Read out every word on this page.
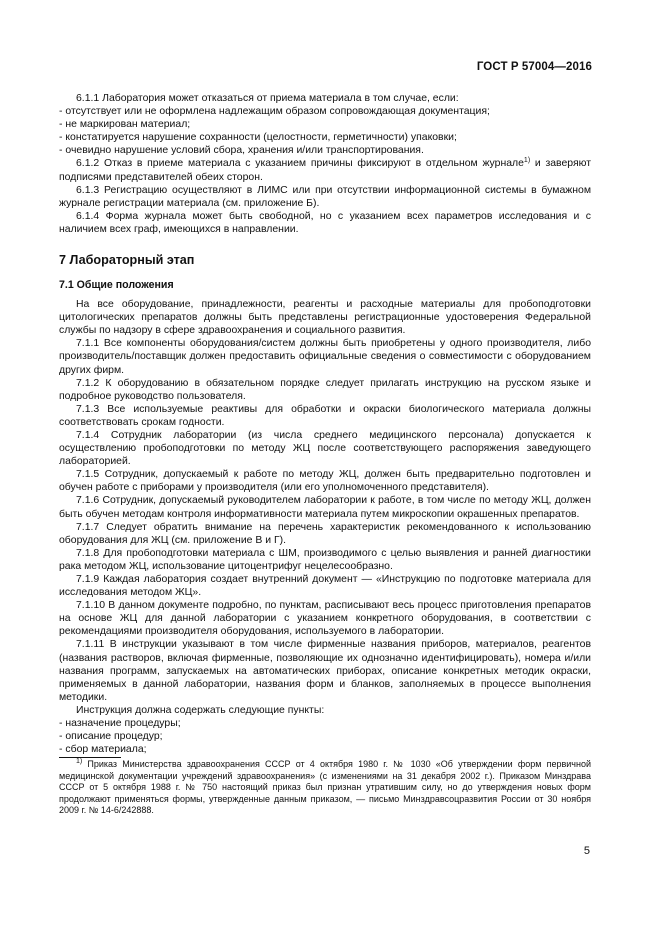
ГОСТ Р 57004—2016

6.1.1 Лаборатория может отказаться от приема материала в том случае, если:

- отсутствует или не оформлена надлежащим образом сопровождающая документация;

- не маркирован материал;

- констатируется нарушение сохранности (целостности, герметичности) упаковки;

- очевидно нарушение условий сбора, хранения и/или транспортирования.

6.1.2 Отказ в приеме материала с указанием причины фиксируют в отдельном журнале$^{1)}$ и заверяют подписями представителей обеих сторон.

6.1.3 Регистрацию осуществляют в ЛИМС или при отсутствии информационной системы в бумажном журнале регистрации материала (см. приложение Б).

6.1.4 Форма журнала может быть свободной, но с указанием всех параметров исследования и с наличием всех граф, имеющихся в направлении.

7 Лабораторный этап
7.1 Общие положения

На все оборудование, принадлежности, реагенты и расходные материалы для пробоподготовки цитологических препаратов должны быть представлены регистрационные удостоверения Федеральной службы по надзору в сфере здравоохранения и социального развития.

7.1.1 Все компоненты оборудования/систем должны быть приобретены у одного производителя, либо производитель/поставщик должен предоставить официальные сведения о совместимости с оборудованием других фирм.

7.1.2 К оборудованию в обязательном порядке следует прилагать инструкцию на русском языке и подробное руководство пользователя.

7.1.3 Все используемые реактивы для обработки и окраски биологического материала должны соответствовать срокам годности.

7.1.4 Сотрудник лаборатории (из числа среднего медицинского персонала) допускается к осуществлению пробоподготовки по методу ЖЦ после соответствующего распоряжения заведующего лабораторией.

7.1.5 Сотрудник, допускаемый к работе по методу ЖЦ, должен быть предварительно подготовлен и обучен работе с приборами у производителя (или его уполномоченного представителя).

7.1.6 Сотрудник, допускаемый руководителем лаборатории к работе, в том числе по методу ЖЦ, должен быть обучен методам контроля информативности материала путем микроскопии окрашенных препаратов.

7.1.7 Следует обратить внимание на перечень характеристик рекомендованного к использованию оборудования для ЖЦ (см. приложение В и Г).

7.1.8 Для пробоподготовки материала с ШМ, производимого с целью выявления и ранней диагностики рака методом ЖЦ, использование цитоцентрифуг нецелесообразно.

7.1.9 Каждая лаборатория создает внутренний документ — «Инструкцию по подготовке материала для исследования методом ЖЦ».

7.1.10 В данном документе подробно, по пунктам, расписывают весь процесс приготовления препаратов на основе ЖЦ для данной лаборатории с указанием конкретного оборудования, в соответствии с рекомендациями производителя оборудования, используемого в лаборатории.

7.1.11 В инструкции указывают в том числе фирменные названия приборов, материалов, реагентов (названия растворов, включая фирменные, позволяющие их однозначно идентифицировать), номера и/или названия программ, запускаемых на автоматических приборах, описание конкретных методик окраски, применяемых в данной лаборатории, названия форм и бланков, заполняемых в процессе выполнения методики.

Инструкция должна содержать следующие пункты:

- назначение процедуры;

- описание процедур;

- сбор материала;

$^{1)}$ Приказ Министерства здравоохранения СССР от 4 октября 1980 г. № 1030 «Об утверждении форм первичной медицинской документации учреждений здравоохранения» (с изменениями на 31 декабря 2002 г.). Приказом Минздрава СССР от 5 октября 1988 г. № 750 настоящий приказ был признан утратившим силу, но до утверждения новых форм продолжают применяться формы, утвержденные данным приказом, — письмо Минздравсоцразвития России от 30 ноября 2009 г. № 14-6/242888.

5
